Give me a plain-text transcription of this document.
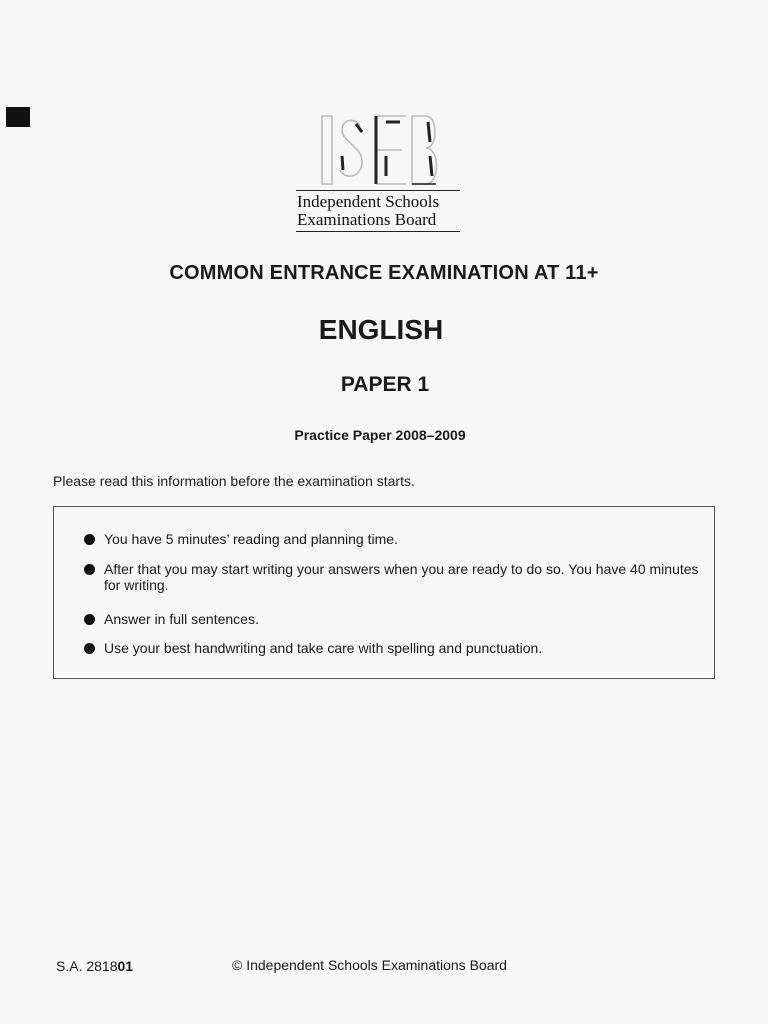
Independent Schools
Examinations Board
COMMON ENTRANCE EXAMINATION AT 11+
ENGLISH
PAPER 1
Practice Paper 2008–2009
Please read this information before the examination starts.
You have 5 minutes’ reading and planning time.
After that you may start writing your answers when you are ready to do so. You have 40 minutes for writing.
Answer in full sentences.
Use your best handwriting and take care with spelling and punctuation.
S.A. 281801	© Independent Schools Examinations Board
